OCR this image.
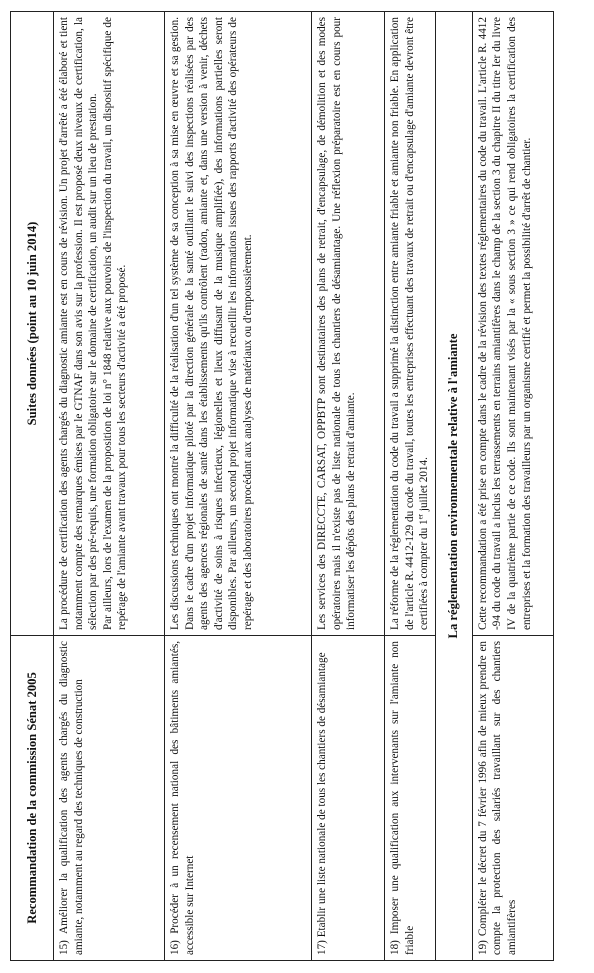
Recommandation de la commission Sénat 2005	Suites données (point au 10 juin 2014)
15) Améliorer la qualification des agents chargés du diagnostic amiante, notamment au regard des techniques de construction	La procédure de certification des agents chargés du diagnostic amiante est en cours de révision. Un projet d'arrêté a été élaboré et tient notamment compte des remarques émises par le GTNAF dans son avis sur la profession. Il est proposé deux niveaux de certification, la sélection par des pré-requis, une formation obligatoire sur le domaine de certification, un audit sur un lieu de prestation. Par ailleurs, lors de l'examen de la proposition de loi n° 1848 relative aux pouvoirs de l'inspection du travail, un dispositif spécifique de repérage de l'amiante avant travaux pour tous les secteurs d'activité a été proposé.

16) Procéder à un recensement national des bâtiments amiantés, accessible sur Internet	Les discussions techniques ont montré la difficulté de la réalisation d'un tel système de sa conception à sa mise en œuvre et sa gestion. Dans le cadre d'un projet informatique piloté par la direction générale de la santé outillant le suivi des inspections réalisées par des agents des agences régionales de santé dans les établissements qu'ils contrôlent (radon, amiante et, dans une version à venir, déchets d'activité de soins à risques infectieux, légionelles et lieux diffusant de la musique amplifiée), des informations partielles seront disponibles. Par ailleurs, un second projet informatique vise à recueillir les informations issues des rapports d'activité des opérateurs de repérage et des laboratoires procédant aux analyses de matériaux ou d'empoussièrement.

17) Etablir une liste nationale de tous les chantiers de désamiantage	Les services des DIRECCTE, CARSAT, OPPBTP sont destinataires des plans de retrait, d'encapsulage, de démolition et des modes opératoires mais il n'existe pas de liste nationale de tous les chantiers de désamiantage. Une réflexion préparatoire est en cours pour informatiser les dépôts des plans de retrait d'amiante.

18) Imposer une qualification aux intervenants sur l'amiante non friable	La réforme de la réglementation du code du travail a supprimé la distinction entre amiante friable et amiante non friable. En application de l'article R. 4412-129 du code du travail, toutes les entreprises effectuant des travaux de retrait ou d'encapsulage d'amiante devront être certifiées à compter du 1er juillet 2014.

La réglementation environnementale relative à l'amiante	
19) Compléter le décret du 7 février 1996 afin de mieux prendre en compte la protection des salariés travaillant sur des chantiers amiantifères	Cette recommandation a été prise en compte dans le cadre de la révision des textes réglementaires du code du travail. L'article R. 4412 -94 du code du travail a inclus les terrassements en terrains amiantifères dans le champ de la section 3 du chapitre II du titre Ier du livre IV de la quatrième partie de ce code. Ils sont maintenant visés par la « sous section 3 » ce qui rend obligatoires la certification des entreprises et la formation des travailleurs par un organisme certifié et permet la possibilité d'arrêt de chantier.
